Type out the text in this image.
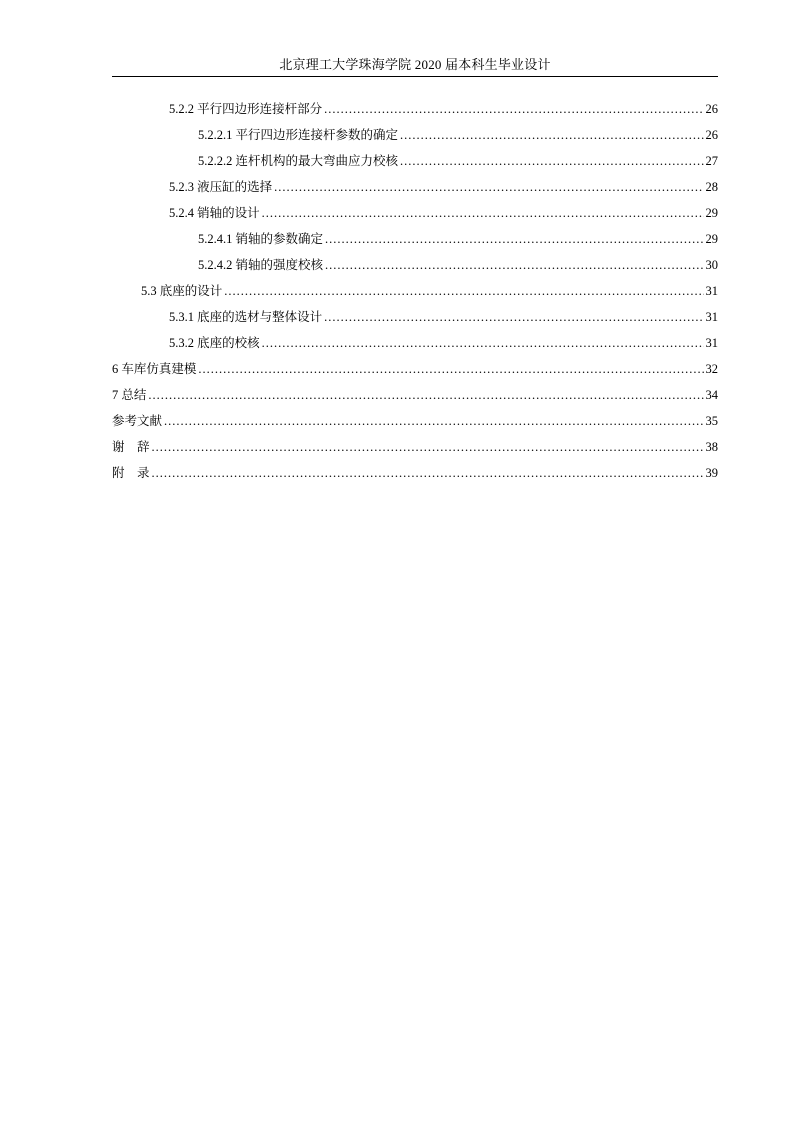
北京理工大学珠海学院 2020 届本科生毕业设计
5.2.2 平行四边形连接杆部分 .....	26
5.2.2.1 平行四边形连接杆参数的确定 .....	26
5.2.2.2 连杆机构的最大弯曲应力校核 .....	27
5.2.3 液压缸的选择 .....	28
5.2.4 销轴的设计 .....	29
5.2.4.1 销轴的参数确定 .....	29
5.2.4.2 销轴的强度校核 .....	30
5.3 底座的设计 .....	31
5.3.1 底座的选材与整体设计 .....	31
5.3.2 底座的校核 .....	31
6 车库仿真建模 .....	32
7 总结 .....	34
参考文献 .....	35
谢    辞 .....	38
附    录 .....	39
